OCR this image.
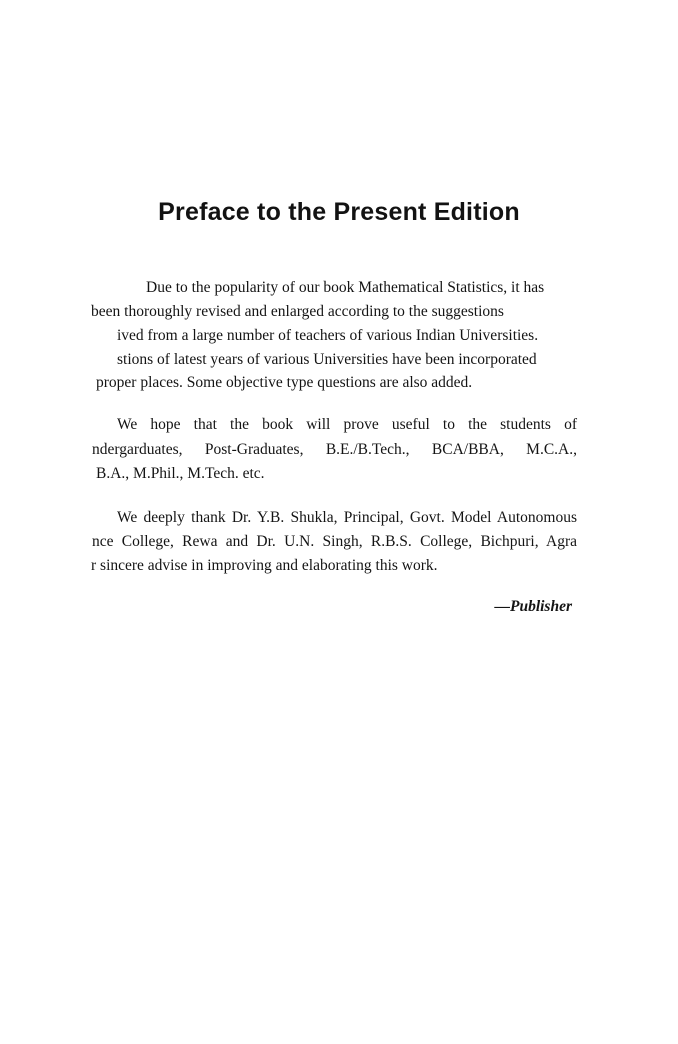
Preface to the Present Edition

Due to the popularity of our book Mathematical Statistics, it has

been thoroughly revised and enlarged according to the suggestions

ived from a large number of teachers of various Indian Universities.

stions of latest years of various Universities have been incorporated

proper places. Some objective type questions are also added.

We hope that the book will prove useful to the students of

ndergarduates, Post-Graduates, B.E./B.Tech., BCA/BBA, M.C.A.,

B.A., M.Phil., M.Tech. etc.

We deeply thank Dr. Y.B. Shukla, Principal, Govt. Model Autonomous

nce College, Rewa and Dr. U.N. Singh, R.B.S. College, Bichpuri, Agra

r sincere advise in improving and elaborating this work.

—Publisher
